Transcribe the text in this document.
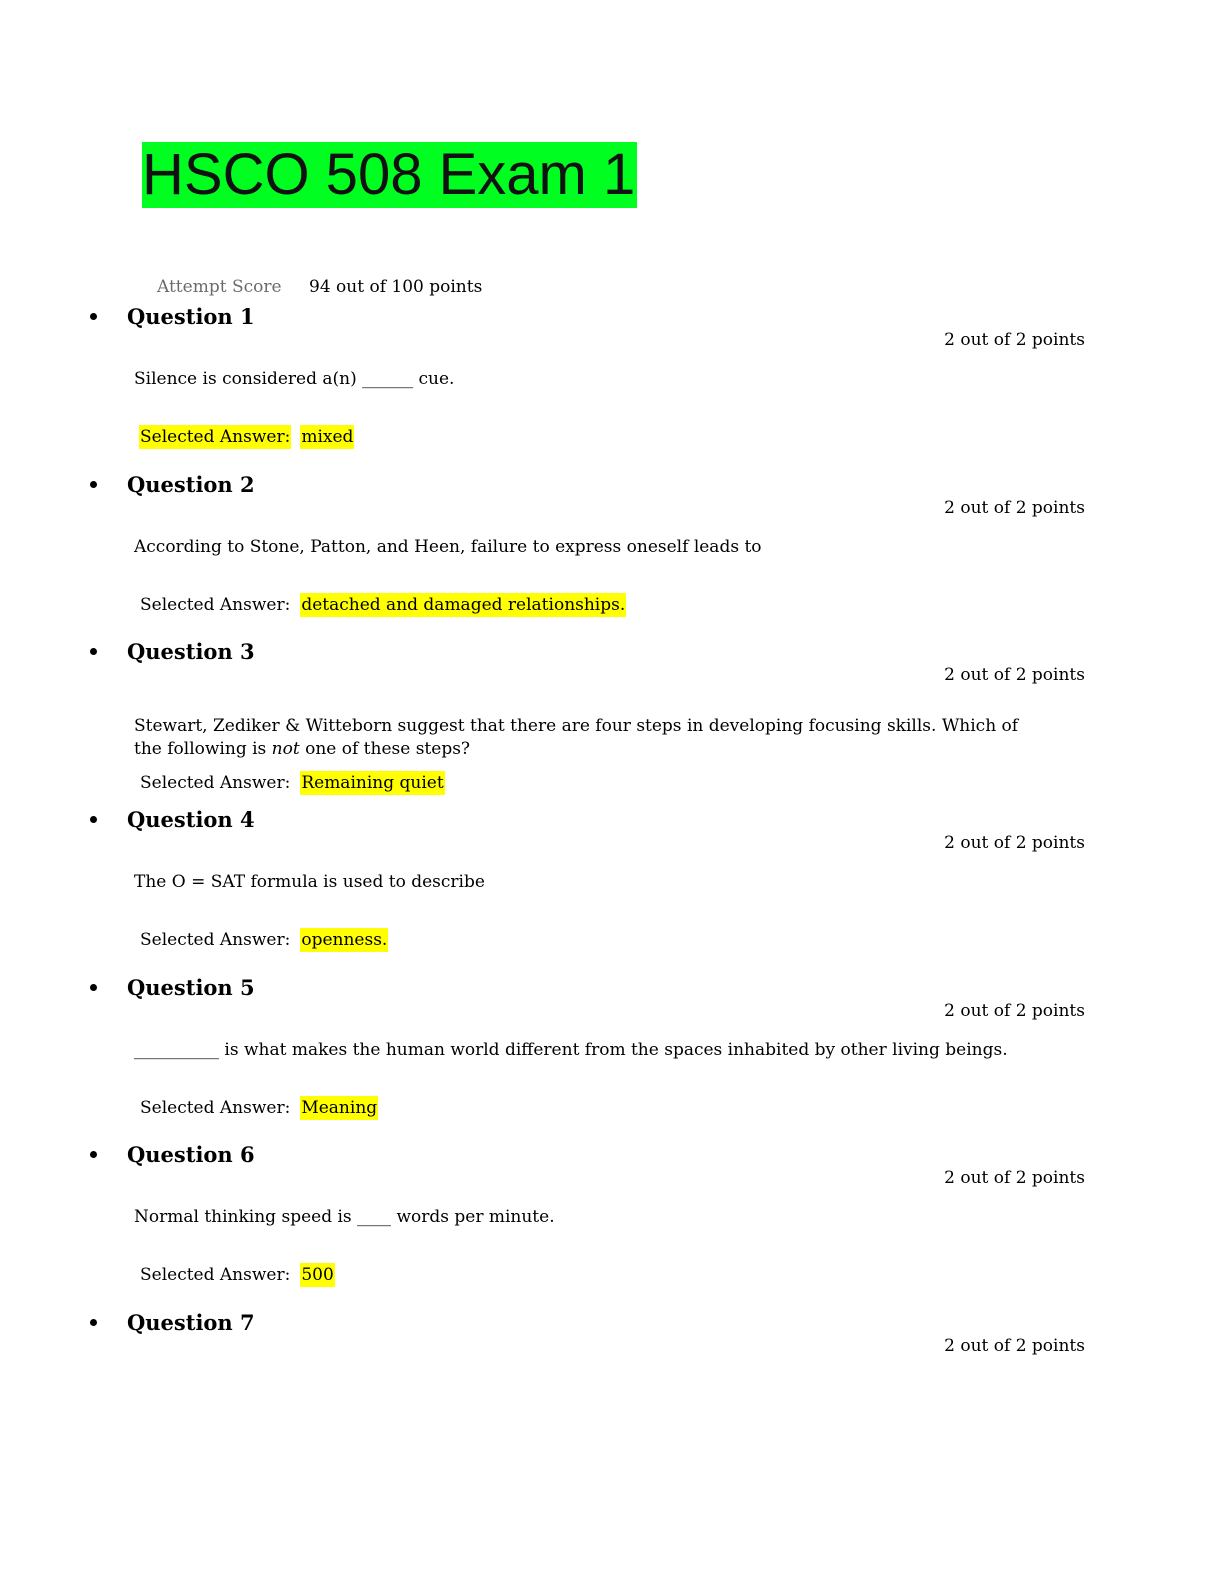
HSCO 508 Exam 1
Attempt Score 94 out of 100 points
Question 1
2 out of 2 points
Silence is considered a(n) ______ cue.
Selected Answer: mixed
Question 2
2 out of 2 points
According to Stone, Patton, and Heen, failure to express oneself leads to
Selected Answer: detached and damaged relationships.
Question 3
2 out of 2 points
Stewart, Zediker & Witteborn suggest that there are four steps in developing focusing skills. Which of the following is not one of these steps?
Selected Answer: Remaining quiet
Question 4
2 out of 2 points
The O = SAT formula is used to describe
Selected Answer: openness.
Question 5
2 out of 2 points
__________ is what makes the human world different from the spaces inhabited by other living beings.
Selected Answer: Meaning
Question 6
2 out of 2 points
Normal thinking speed is ____ words per minute.
Selected Answer: 500
Question 7
2 out of 2 points
